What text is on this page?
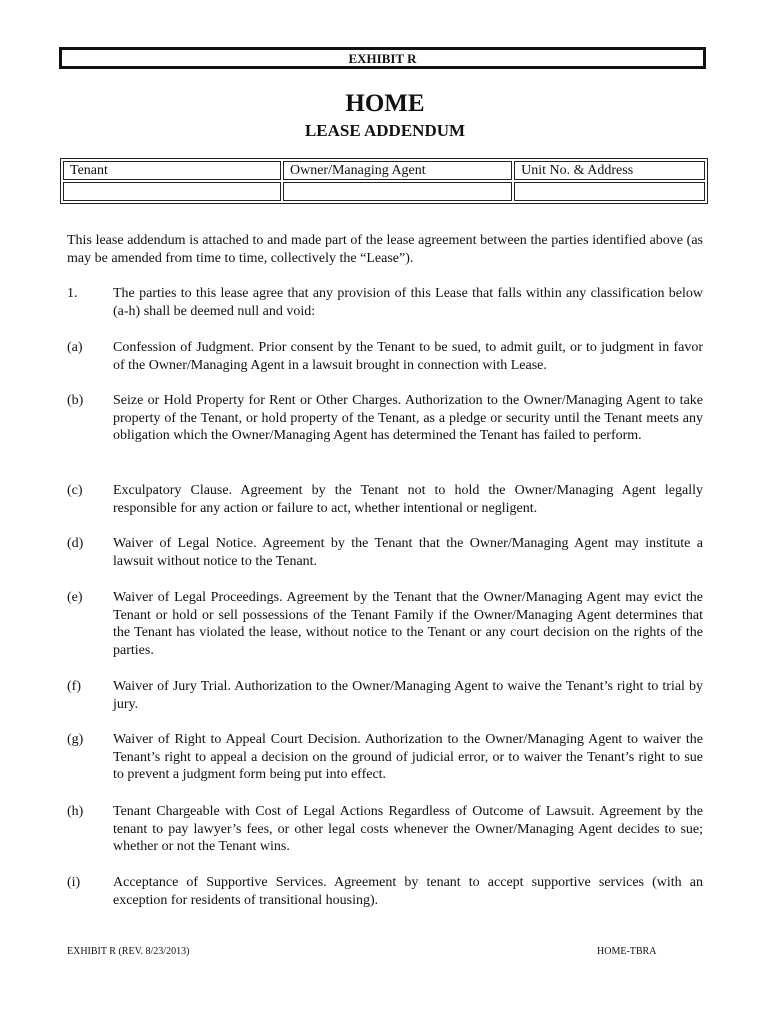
EXHIBIT R
HOME
LEASE ADDENDUM
Tenant	Owner/Managing Agent	Unit No. & Address

This lease addendum is attached to and made part of the lease agreement between the parties identified above (as may be amended from time to time, collectively the “Lease”).
1.	The parties to this lease agree that any provision of this Lease that falls within any classification below (a-h) shall be deemed null and void:
(a) Confession of Judgment. Prior consent by the Tenant to be sued, to admit guilt, or to judgment in favor of the Owner/Managing Agent in a lawsuit brought in connection with Lease.
(b) Seize or Hold Property for Rent or Other Charges. Authorization to the Owner/Managing Agent to take property of the Tenant, or hold property of the Tenant, as a pledge or security until the Tenant meets any obligation which the Owner/Managing Agent has determined the Tenant has failed to perform.
(c) Exculpatory Clause. Agreement by the Tenant not to hold the Owner/Managing Agent legally responsible for any action or failure to act, whether intentional or negligent.
(d) Waiver of Legal Notice. Agreement by the Tenant that the Owner/Managing Agent may institute a lawsuit without notice to the Tenant.
(e) Waiver of Legal Proceedings. Agreement by the Tenant that the Owner/Managing Agent may evict the Tenant or hold or sell possessions of the Tenant Family if the Owner/Managing Agent determines that the Tenant has violated the lease, without notice to the Tenant or any court decision on the rights of the parties.
(f) Waiver of Jury Trial. Authorization to the Owner/Managing Agent to waive the Tenant’s right to trial by jury.
(g) Waiver of Right to Appeal Court Decision. Authorization to the Owner/Managing Agent to waiver the Tenant’s right to appeal a decision on the ground of judicial error, or to waiver the Tenant’s right to sue to prevent a judgment form being put into effect.
(h) Tenant Chargeable with Cost of Legal Actions Regardless of Outcome of Lawsuit. Agreement by the tenant to pay lawyer’s fees, or other legal costs whenever the Owner/Managing Agent decides to sue; whether or not the Tenant wins.
(i) Acceptance of Supportive Services. Agreement by tenant to accept supportive services (with an exception for residents of transitional housing).
EXHIBIT R (REV. 8/23/2013)	HOME-TBRA
